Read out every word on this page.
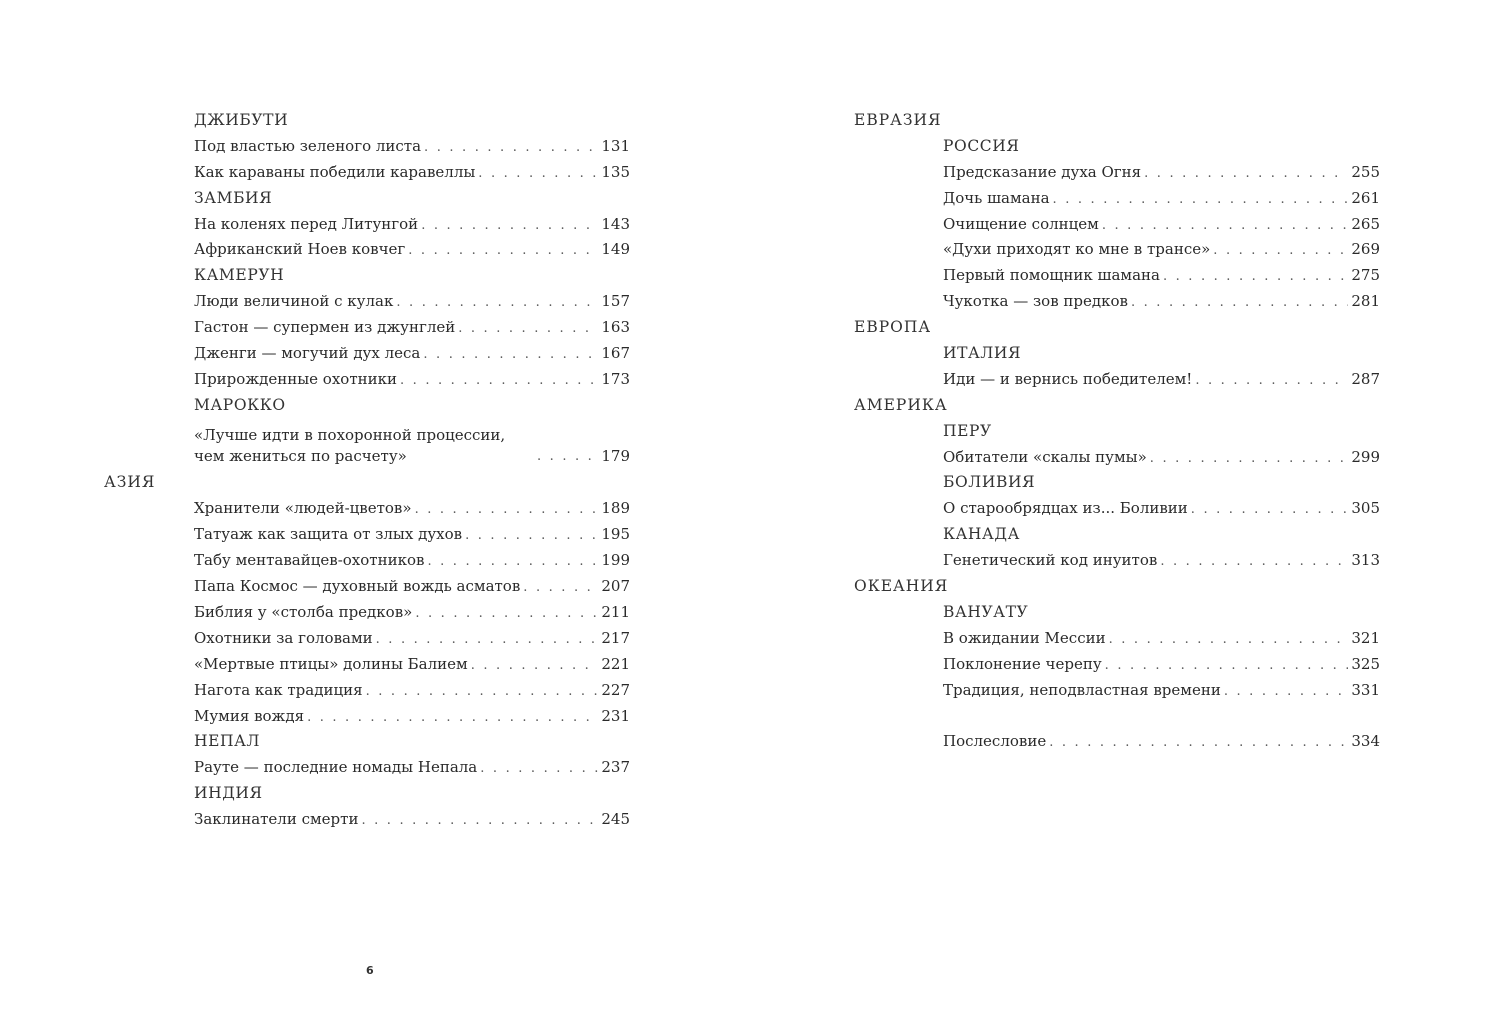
ДЖИБУТИ
Под властью зеленого листа . . .	131
Как караваны победили каравеллы . . .	135
ЗАМБИЯ
На коленях перед Литунгой . . .	143
Африканский Ноев ковчег . . .	149
КАМЕРУН
Люди величиной с кулак . . .	157
Гастон — супермен из джунглей . . .	163
Дженги — могучий дух леса . . .	167
Прирожденные охотники . . .	173
МАРОККО
«Лучше идти в похоронной процессии,
чем жениться по расчету» . . .	179
АЗИЯ
Хранители «людей-цветов» . . .	189
Татуаж как защита от злых духов . . .	195
Табу ментавайцев-охотников . . .	199
Папа Космос — духовный вождь асматов . . .	207
Библия у «столба предков» . . .	211
Охотники за головами . . .	217
«Мертвые птицы» долины Балием . . .	221
Нагота как традиция . . .	227
Мумия вождя . . .	231
НЕПАЛ
Рауте — последние номады Непала . . .	237
ИНДИЯ
Заклинатели смерти . . .	245
ЕВРАЗИЯ
РОССИЯ
Предсказание духа Огня . . .	255
Дочь шамана . . .	261
Очищение солнцем . . .	265
«Духи приходят ко мне в трансе» . . .	269
Первый помощник шамана . . .	275
Чукотка — зов предков . . .	281
ЕВРОПА
ИТАЛИЯ
Иди — и вернись победителем! . . .	287
АМЕРИКА
ПЕРУ
Обитатели «скалы пумы» . . .	299
БОЛИВИЯ
О старообрядцах из... Боливии . . .	305
КАНАДА
Генетический код инуитов . . .	313
ОКЕАНИЯ
ВАНУАТУ
В ожидании Мессии . . .	321
Поклонение черепу . . .	325
Традиция, неподвластная времени . . .	331
Послесловие . . .	334
6
